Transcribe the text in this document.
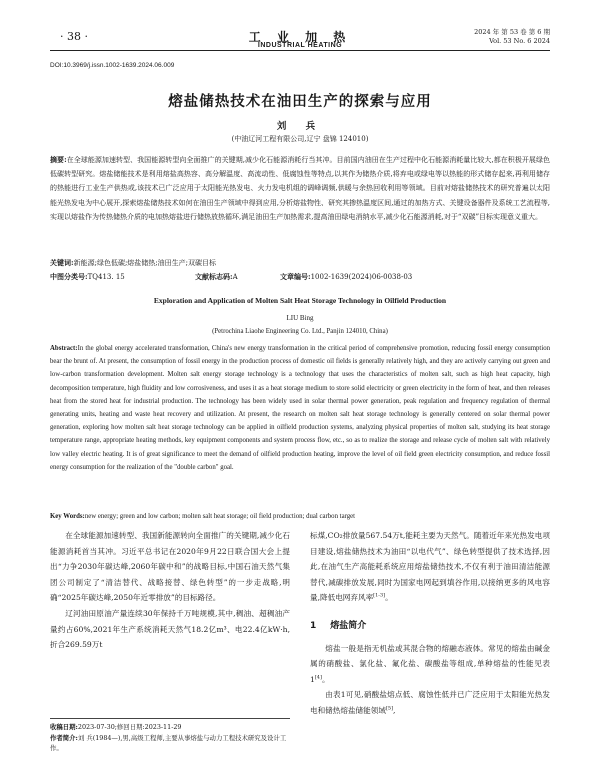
· 38 ·	工 业 加 热
INDUSTRIAL HEATING
2024 年 第 53 卷 第 6 期
Vol. 53 No. 6 2024
DOI:10.3969/j.issn.1002-1639.2024.06.009
熔盐储热技术在油田生产的探索与应用
刘 兵
(中油辽河工程有限公司,辽宁 盘锦 124010)
摘要:在全球能源加速转型、我国能源转型向全面推广的关键期,减少化石能源消耗行当其冲。目前国内油田在生产过程中化石能源消耗量比较大,都在积极开展绿色低碳转型研究。熔盐储能技术是利用熔盐高热容、高分解温度、高流动性、低腐蚀性等特点,以其作为储热介质,将弃电或绿电等以热能的形式储存起来,再利用储存的热能进行工业生产供热或,该技术已广泛应用于太阳能光热发电、火力发电机组的调峰调频,供暖与余热回收利用等领域。目前对熔盐储热技术的研究普遍以太阳能光热发电为中心展开,探索熔盐储热技术如何在油田生产领域中得到应用,分析熔盐物性、研究其掺热温度区间,通过的加热方式、关键设备器件及系统工艺流程等,实现以熔盐作为传热储热介质的电加热熔盐进行储热放热循环,满足油田生产加热需求,提高油田绿电消纳水平,减少化石能源消耗,对于“双碳”目标实现意义重大。
关键词:新能源;绿色低碳;熔盐储热;油田生产;双碳目标
中图分类号:TQ413. 15	文献标志码:A	文章编号:1002-1639(2024)06-0038-03
Exploration and Application of Molten Salt Heat Storage Technology in Oilfield Production
LIU Bing
(Petrochina Liaohe Engineering Co. Ltd., Panjin 124010, China)
Abstract:In the global energy accelerated transformation, China's new energy transformation in the critical period of comprehensive promotion, reducing fossil energy consumption bear the brunt of. At present, the consumption of fossil energy in the production process of domestic oil fields is generally relatively high, and they are actively carrying out green and low-carbon transformation development. Molten salt energy storage technology is a technology that uses the characteristics of molten salt, such as high heat capacity, high decomposition temperature, high fluidity and low corrosiveness, and uses it as a heat storage medium to store solid electricity or green electricity in the form of heat, and then releases heat from the stored heat for industrial production. The technology has been widely used in solar thermal power generation, peak regulation and frequency regulation of thermal generating units, heating and waste heat recovery and utilization. At present, the research on molten salt heat storage technology is generally centered on solar thermal power generation, exploring how molten salt heat storage technology can be applied in oilfield production systems, analyzing physical properties of molten salt, studying its heat storage temperature range, appropriate heating methods, key equipment components and system process flow, etc., so as to realize the storage and release cycle of molten salt with relatively low valley electric heating. It is of great significance to meet the demand of oilfield production heating, improve the level of oil field green electricity consumption, and reduce fossil energy consumption for the realization of the "double carbon" goal.
Key Words:new energy; green and low carbon; molten salt heat storage; oil field production; dual carbon target

在全球能源加速转型、我国新能源转向全面推广的关键期,减少化石能源消耗首当其冲。习近平总书记在2020年9月22日联合国大会上提出“力争2030年碳达峰,2060年碳中和”的战略目标,中国石油天然气集团公司制定了“清洁替代、战略接替、绿色转型”的一步走战略,明确“2025年碳达峰,2050年近零排放”的目标路径。

辽河油田原油产量连续30年保持千万吨规模,其中,稠油、超稠油产量约占60%,2021年生产系统消耗天然气18.2亿m³、电22.4亿kW·h,折合269.59万t

标煤,CO₂排放量567.54万t,能耗主要为天然气。随着近年来光热发电项目建设,熔盐储热技术为油田“以电代气”、绿色转型提供了技术选择,因此,在油气生产高能耗系统应用熔盐储热技术,不仅有利于油田清洁能源替代,减碳排放发展,同时为国家电网起到填谷作用,以接纳更多的风电容量,降低电网弃风率[1-3]。

1 熔盐简介

熔盐一般是指无机盐或其混合物的熔融态液体。常见的熔盐由碱金属的硝酸盐、氯化盐、氟化盐、碳酸盐等组成,单种熔盐的性能见表1[4]。

由表1可见,硝酸盐熔点低、腐蚀性低并已广泛应用于太阳能光热发电和储热熔盐储能领域[5],

收稿日期:2023-07-30;修回日期:2023-11-29

作者简介:刘 兵(1984—),男,高级工程师,主要从事熔盐与动力工程技术研究及设计工作。
